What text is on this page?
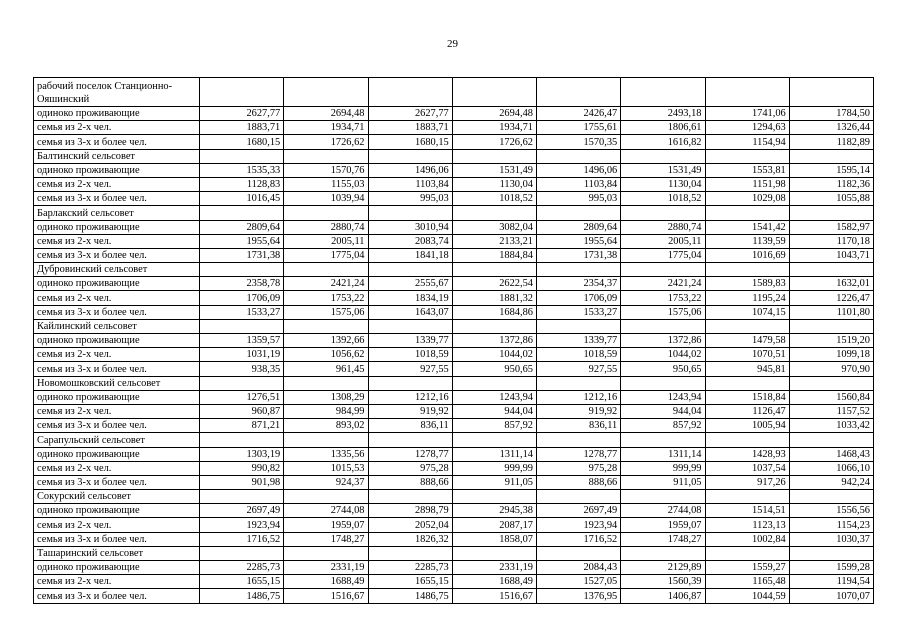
29
рабочий поселок Станционно-Ояшинский								
одиноко проживающие	2627,77	2694,48	2627,77	2694,48	2426,47	2493,18	1741,06	1784,50
семья из 2-х чел.	1883,71	1934,71	1883,71	1934,71	1755,61	1806,61	1294,63	1326,44
семья из 3-х и более чел.	1680,15	1726,62	1680,15	1726,62	1570,35	1616,82	1154,94	1182,89
Балтинский сельсовет								
одиноко проживающие	1535,33	1570,76	1496,06	1531,49	1496,06	1531,49	1553,81	1595,14
семья из 2-х чел.	1128,83	1155,03	1103,84	1130,04	1103,84	1130,04	1151,98	1182,36
семья из 3-х и более чел.	1016,45	1039,94	995,03	1018,52	995,03	1018,52	1029,08	1055,88
Барлакский сельсовет								
одиноко проживающие	2809,64	2880,74	3010,94	3082,04	2809,64	2880,74	1541,42	1582,97
семья из 2-х чел.	1955,64	2005,11	2083,74	2133,21	1955,64	2005,11	1139,59	1170,18
семья из 3-х и более чел.	1731,38	1775,04	1841,18	1884,84	1731,38	1775,04	1016,69	1043,71
Дубровинский сельсовет								
одиноко проживающие	2358,78	2421,24	2555,67	2622,54	2354,37	2421,24	1589,83	1632,01
семья из 2-х чел.	1706,09	1753,22	1834,19	1881,32	1706,09	1753,22	1195,24	1226,47
семья из 3-х и более чел.	1533,27	1575,06	1643,07	1684,86	1533,27	1575,06	1074,15	1101,80
Кайлинский сельсовет								
одиноко проживающие	1359,57	1392,66	1339,77	1372,86	1339,77	1372,86	1479,58	1519,20
семья из 2-х чел.	1031,19	1056,62	1018,59	1044,02	1018,59	1044,02	1070,51	1099,18
семья из 3-х и более чел.	938,35	961,45	927,55	950,65	927,55	950,65	945,81	970,90
Новомошковский сельсовет								
одиноко проживающие	1276,51	1308,29	1212,16	1243,94	1212,16	1243,94	1518,84	1560,84
семья из 2-х чел.	960,87	984,99	919,92	944,04	919,92	944,04	1126,47	1157,52
семья из 3-х и более чел.	871,21	893,02	836,11	857,92	836,11	857,92	1005,94	1033,42
Сарапульский сельсовет								
одиноко проживающие	1303,19	1335,56	1278,77	1311,14	1278,77	1311,14	1428,93	1468,43
семья из 2-х чел.	990,82	1015,53	975,28	999,99	975,28	999,99	1037,54	1066,10
семья из 3-х и более чел.	901,98	924,37	888,66	911,05	888,66	911,05	917,26	942,24
Сокурский сельсовет								
одиноко проживающие	2697,49	2744,08	2898,79	2945,38	2697,49	2744,08	1514,51	1556,56
семья из 2-х чел.	1923,94	1959,07	2052,04	2087,17	1923,94	1959,07	1123,13	1154,23
семья из 3-х и более чел.	1716,52	1748,27	1826,32	1858,07	1716,52	1748,27	1002,84	1030,37
Ташаринский сельсовет								
одиноко проживающие	2285,73	2331,19	2285,73	2331,19	2084,43	2129,89	1559,27	1599,28
семья из 2-х чел.	1655,15	1688,49	1655,15	1688,49	1527,05	1560,39	1165,48	1194,54
семья из 3-х и более чел.	1486,75	1516,67	1486,75	1516,67	1376,95	1406,87	1044,59	1070,07
